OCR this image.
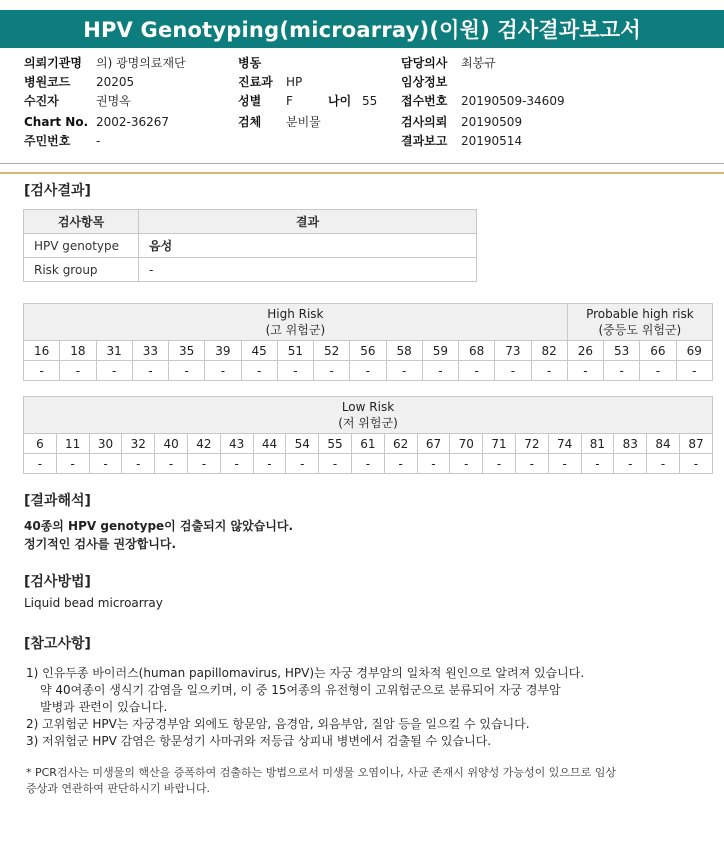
HPV Genotyping(microarray)(이원) 검사결과보고서
의뢰기관명 의) 광명의료재단	병동	담당의사 최봉규
병원코드 20205	진료과 HP	임상정보
수진자	권명옥	성별 F	나이 55 접수번호 20190509-34609
Chart No. 2002-36267	검체 분비물	검사의뢰 20190509
주민번호 -	결과보고 20190514
[검사결과]
검사항목	결과
HPV genotype	음성
Risk group	-
High Risk
(고 위험군)															Probable high risk
(중등도 위험군)			
16	18	31	33	35	39	45	51	52	56	58	59	68	73	82	26	53	66	69
-	-	-	-	-	-	-	-	-	-	-	-	-	-	-	-	-	-	-
Low Risk
(저 위험군)																				
6	11	30	32	40	42	43	44	54	55	61	62	67	70	71	72	74	81	83	84	87
-	-	-	-	-	-	-	-	-	-	-	-	-	-	-	-	-	-	-	-	-
[결과해석]
40종의 HPV genotype이 검출되지 않았습니다.
정기적인 검사를 권장합니다.
[검사방법]
Liquid bead microarray
[참고사항]
1) 인유두종 바이러스(human papillomavirus, HPV)는 자궁 경부암의 일차적 원인으로 알려져 있습니다.
약 40여종이 생식기 감염을 일으키며, 이 중 15여종의 유전형이 고위험군으로 분류되어 자궁 경부암
발병과 관련이 있습니다.
2) 고위험군 HPV는 자궁경부암 외에도 항문암, 음경암, 외음부암, 질암 등을 일으킬 수 있습니다.
3) 저위험군 HPV 감염은 항문성기 사마귀와 저등급 상피내 병변에서 검출될 수 있습니다.
* PCR검사는 미생물의 핵산을 증폭하여 검출하는 방법으로서 미생물 오염이나, 사균 존재시 위양성 가능성이 있으므로 임상
증상과 연관하여 판단하시기 바랍니다.
